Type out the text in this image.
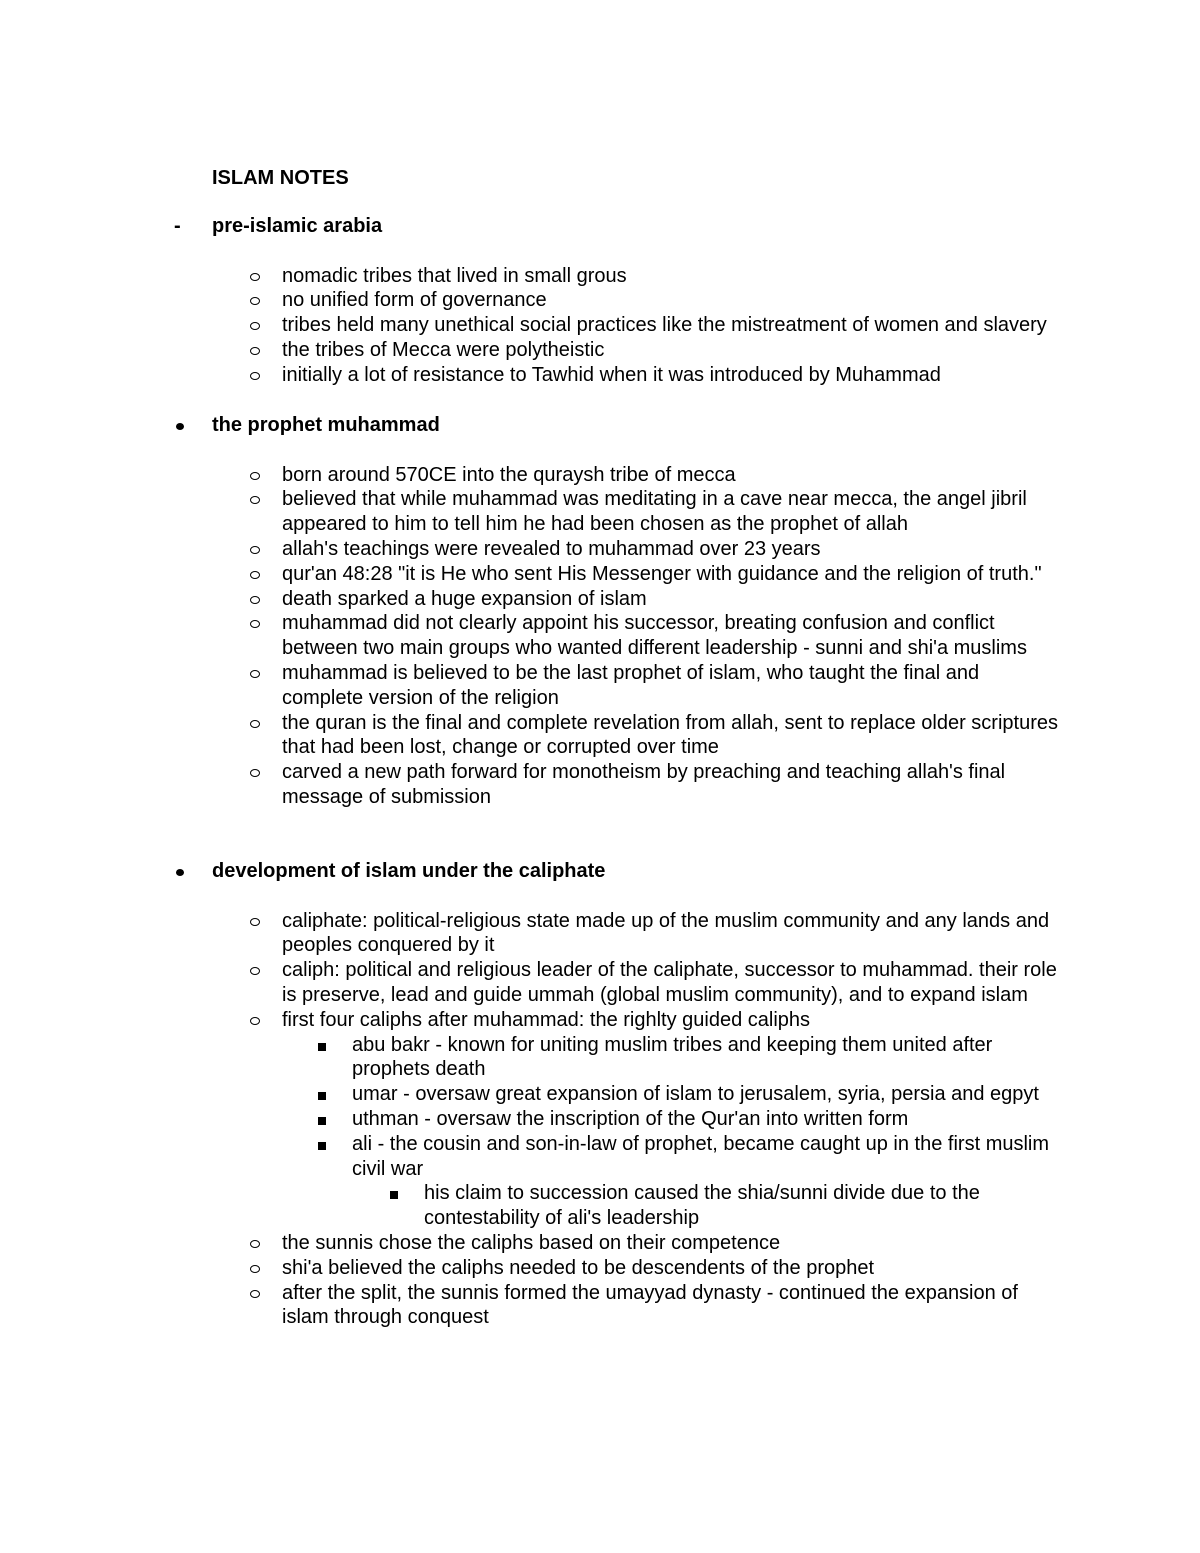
ISLAM NOTES
-	pre-islamic arabia
nomadic tribes that lived in small grous
no unified form of governance
tribes held many unethical social practices like the mistreatment of women and slavery
the tribes of Mecca were polytheistic
initially a lot of resistance to Tawhid when it was introduced by Muhammad
the prophet muhammad
born around 570CE into the quraysh tribe of mecca
believed that while muhammad was meditating in a cave near mecca, the angel jibril appeared to him to tell him he had been chosen as the prophet of allah
allah's teachings were revealed to muhammad over 23 years
qur'an 48:28 "it is He who sent His Messenger with guidance and the religion of truth."
death sparked a huge expansion of islam
muhammad did not clearly appoint his successor, breating confusion and conflict between two main groups who wanted different leadership - sunni and shi'a muslims
muhammad is believed to be the last prophet of islam, who taught the final and complete version of the religion
the quran is the final and complete revelation from allah, sent to replace older scriptures that had been lost, change or corrupted over time
carved a new path forward for monotheism by preaching and teaching allah's final message of submission
development of islam under the caliphate
caliphate: political-religious state made up of the muslim community and any lands and peoples conquered by it
caliph: political and religious leader of the caliphate, successor to muhammad. their role is preserve, lead and guide ummah (global muslim community), and to expand islam
first four caliphs after muhammad: the righlty guided caliphs
abu bakr - known for uniting muslim tribes and keeping them united after prophets death
umar - oversaw great expansion of islam to jerusalem, syria, persia and egpyt
uthman - oversaw the inscription of the Qur'an into written form
ali - the cousin and son-in-law of prophet, became caught up in the first muslim civil war
his claim to succession caused the shia/sunni divide due to the contestability of ali's leadership
the sunnis chose the caliphs based on their competence
shi'a believed the caliphs needed to be descendents of the prophet
after the split, the sunnis formed the umayyad dynasty - continued the expansion of islam through conquest
